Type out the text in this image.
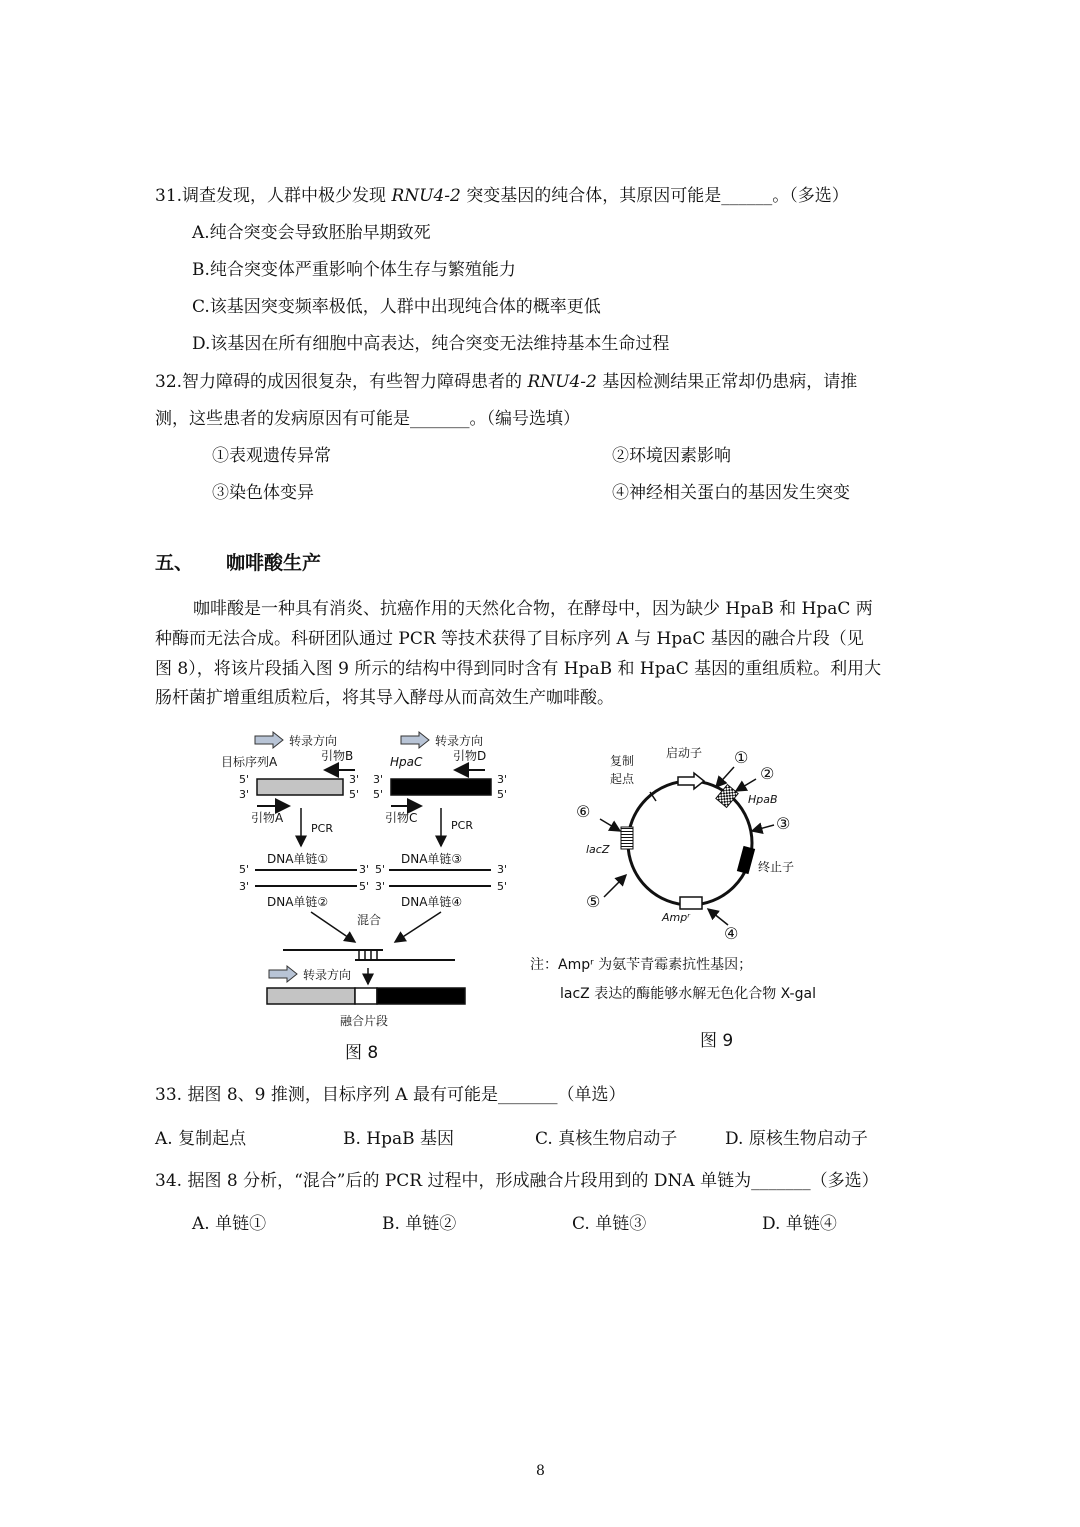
31.调查发现，人群中极少发现 RNU4-2 突变基因的纯合体，其原因可能是______。（多选）
A.纯合突变会导致胚胎早期致死
B.纯合突变体严重影响个体生存与繁殖能力
C.该基因突变频率极低，人群中出现纯合体的概率更低
D.该基因在所有细胞中高表达，纯合突变无法维持基本生命过程
32.智力障碍的成因很复杂，有些智力障碍患者的 RNU4-2 基因检测结果正常却仍患病，请推
测，这些患者的发病原因有可能是_______。（编号选填）
①表观遗传异常	②环境因素影响
③染色体变异	④神经相关蛋白的基因发生突变
五、 咖啡酸生产
咖啡酸是一种具有消炎、抗癌作用的天然化合物，在酵母中，因为缺少 HpaB 和 HpaC 两
种酶而无法合成。科研团队通过 PCR 等技术获得了目标序列 A 与 HpaC 基因的融合片段（见
图 8），将该片段插入图 9 所示的结构中得到同时含有 HpaB 和 HpaC 基因的重组质粒。利用大
肠杆菌扩增重组质粒后，将其导入酵母从而高效生产咖啡酸。
转录方向	转录方向
目标序列A	引物B	HpaC	引物D
5'
3'
3'
5'
3'
5'
3'
5'
引物A	引物C
PCR	PCR
DNA单链①	DNA单链③
5'	3' 5'	3'
3'	5' 3'	5'
DNA单链②	DNA单链④
混合
转录方向
融合片段
图 8
复制
起点
启动子
HpaB
①
②
③
终止子
Ampʳ
④
⑤
lacZ
⑥
注：Ampʳ 为氨苄青霉素抗性基因；
lacZ 表达的酶能够水解无色化合物 X-gal
图 9
33. 据图 8、9 推测，目标序列 A 最有可能是_______（单选）
A. 复制起点	B. HpaB 基因	C. 真核生物启动子	D. 原核生物启动子
34. 据图 8 分析，“混合”后的 PCR 过程中，形成融合片段用到的 DNA 单链为_______（多选）
A. 单链①	B. 单链②	C. 单链③	D. 单链④
8
